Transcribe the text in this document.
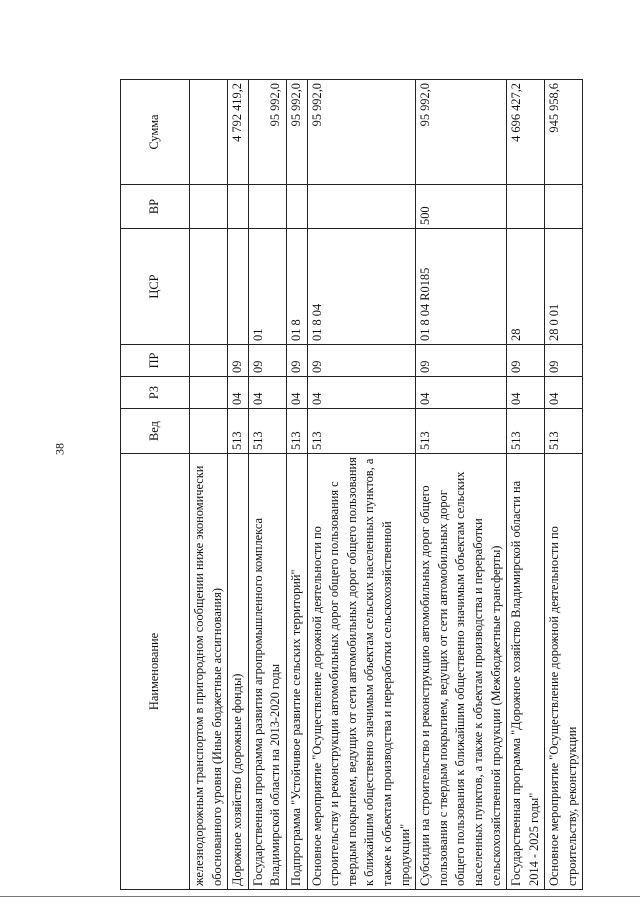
38
Наименование	Вед	РЗ	ПР	ЦСР	ВР	Сумма
железнодорожным транспортом в пригородном сообщении ниже экономически обоснованного уровня (Иные бюджетные ассигнования)						
Дорожное хозяйство (дорожные фонды)	513	04	09			4 792 419,2
Государственная программа развития агропромышленного комплекса Владимирской области на 2013-2020 годы	513	04	09	01		95 992,0
Подпрограмма "Устойчивое развитие сельских территорий"	513	04	09	01 8		95 992,0
Основное мероприятие "Осуществление дорожной деятельности по строительству и реконструкции автомобильных дорог общего пользования с твердым покрытием, ведущих от сети автомобильных дорог общего пользования к ближайшим общественно значимым объектам сельских населенных пунктов, а также к объектам производства и переработки сельскохозяйственной продукции"	513	04	09	01 8 04		95 992,0
Субсидии на строительство и реконструкцию автомобильных дорог общего пользования с твердым покрытием, ведущих от сети автомобильных дорог общего пользования к ближайшим общественно значимым объектам сельских населенных пунктов, а также к объектам производства и переработки сельскохозяйственной продукции (Межбюджетные трансферты)	513	04	09	01 8 04 R0185	500	95 992,0
Государственная программа "Дорожное хозяйство Владимирской области на 2014 - 2025 годы"	513	04	09	28		4 696 427,2
Основное мероприятие "Осуществление дорожной деятельности по строительству, реконструкции	513	04	09	28 0 01		945 958,6
